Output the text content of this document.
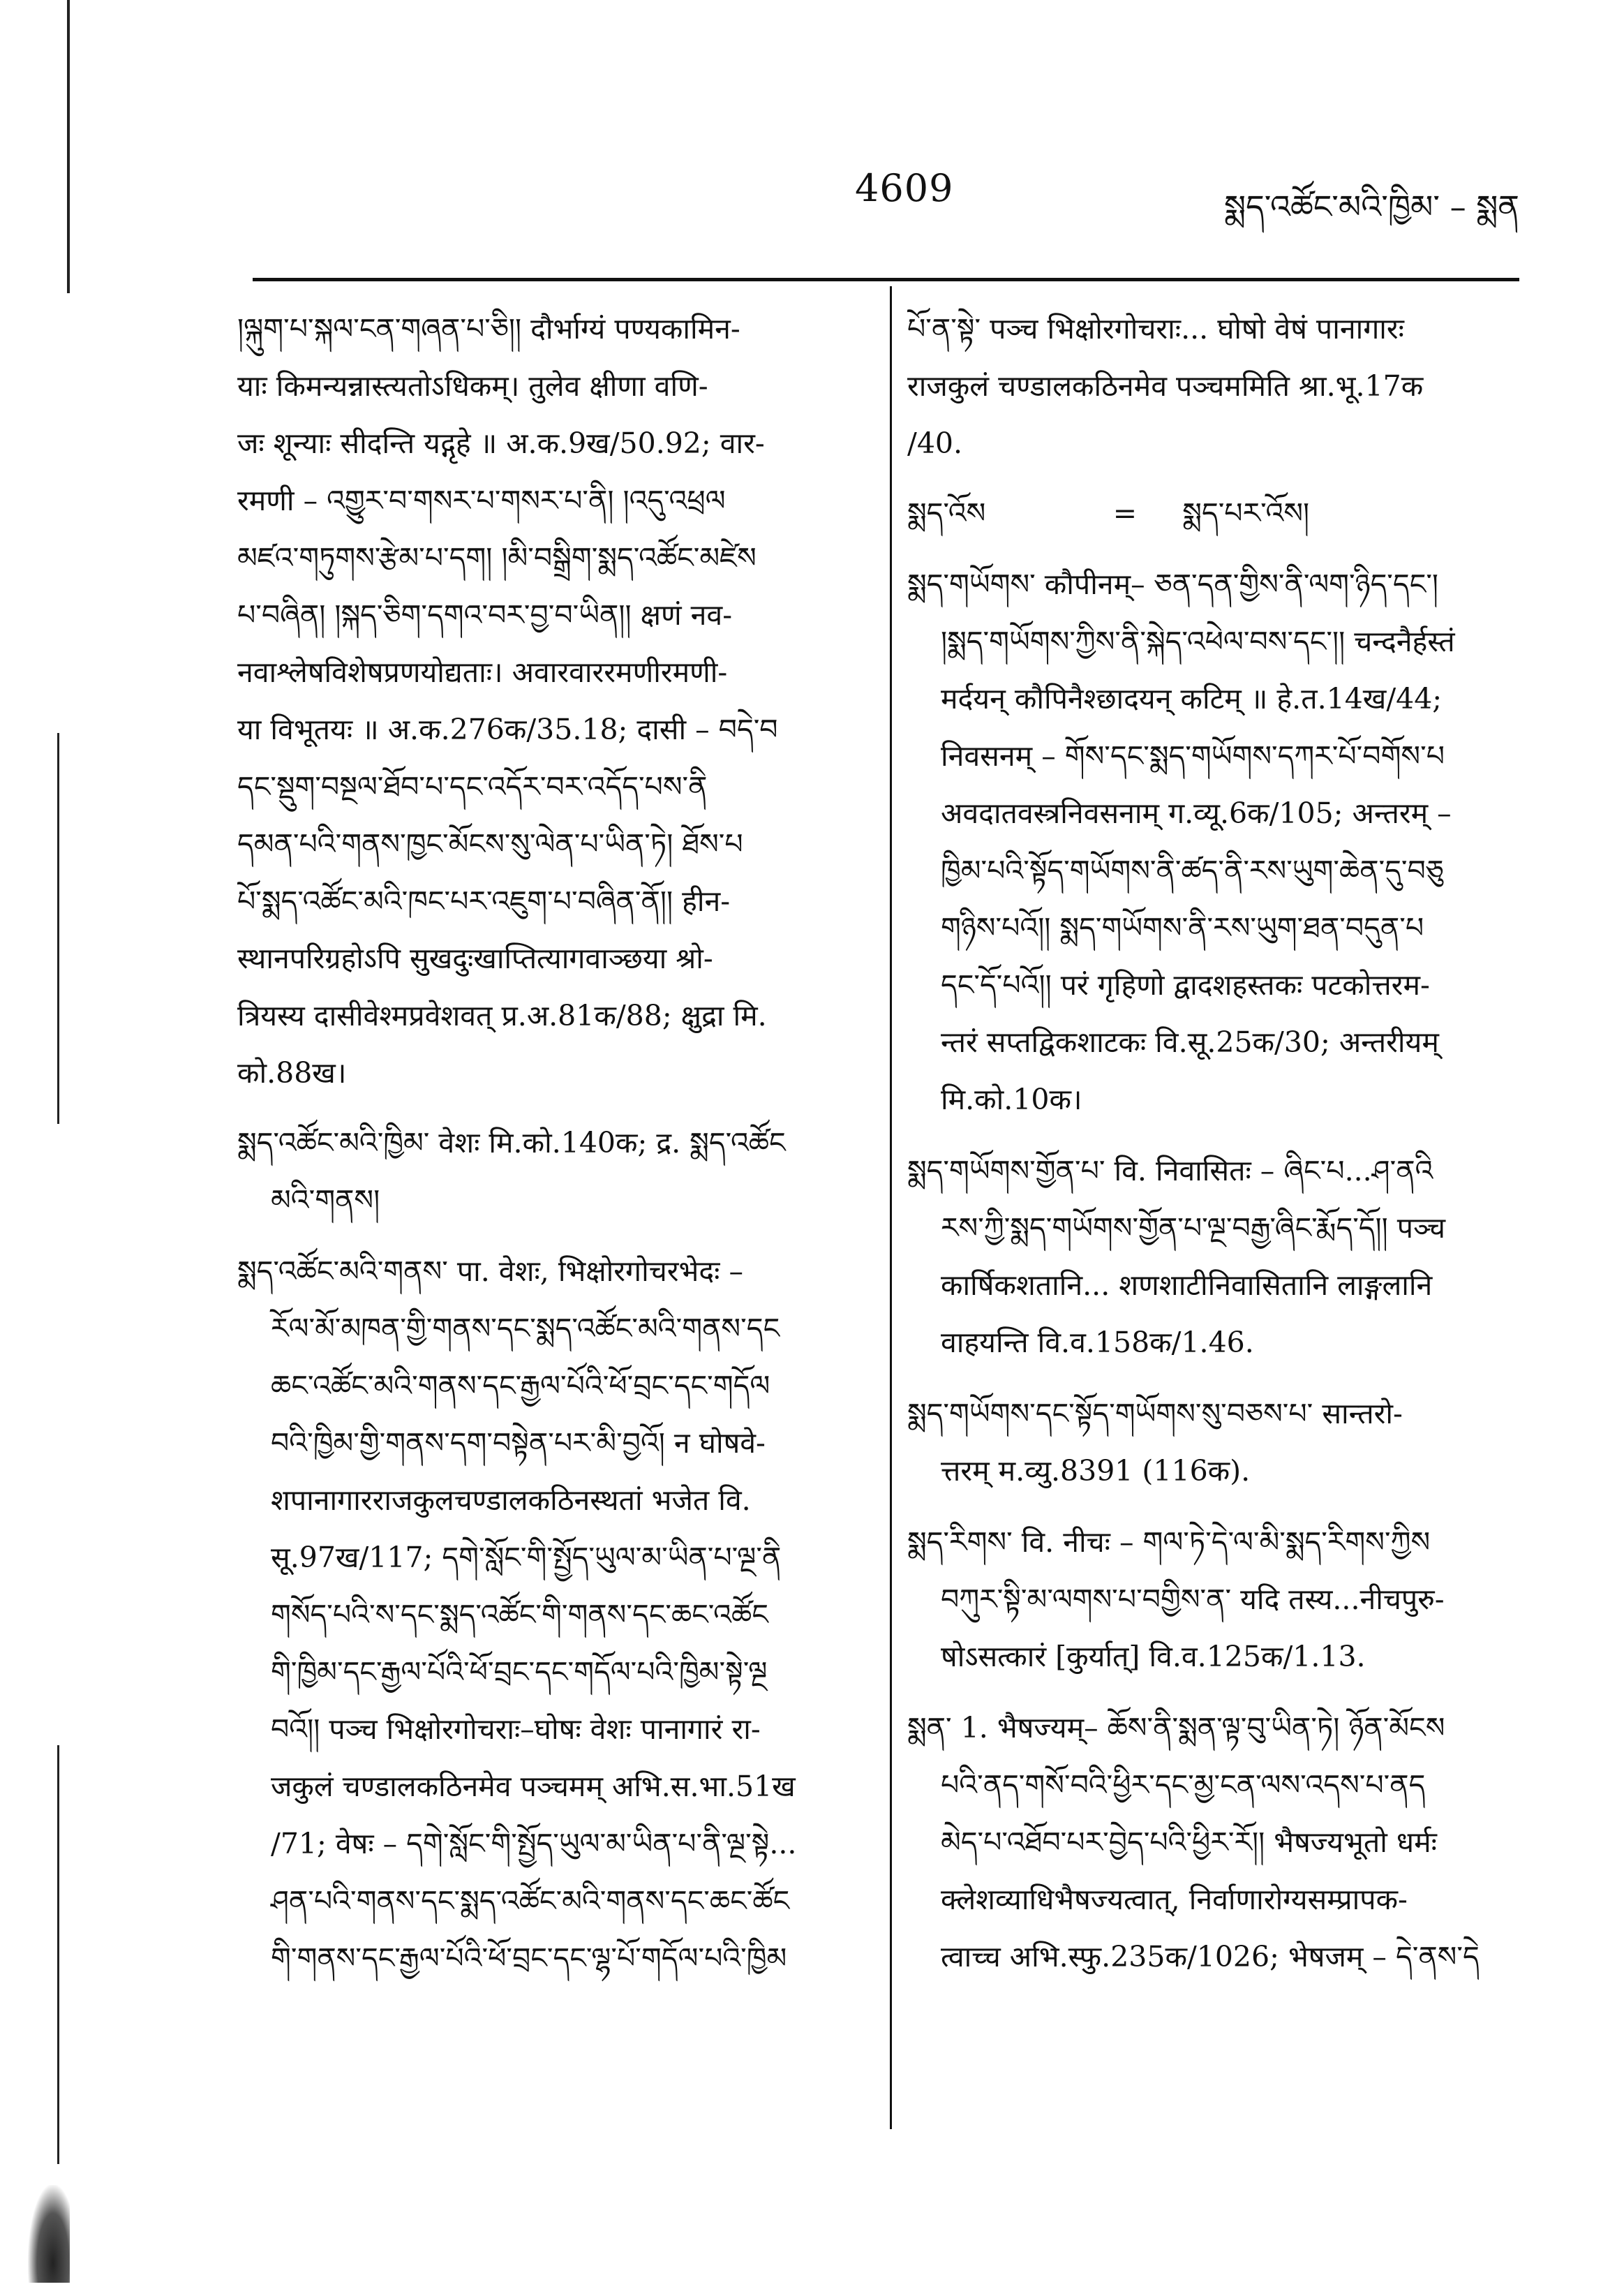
4609	སྨད་འཚོང་མའི་ཁྱིམ་ – སྨན
།ལྐུག་པ་སྐལ་ངན་གཞན་པ་ཅི།། दौर्भाग्यं पण्यकामिन-
याः किमन्यन्नास्त्यतोऽधिकम्। तुलेव क्षीणा वणि-
जः शून्याः सीदन्ति यद्गृहे ॥ अ.क.9ख/50.92; वार-
रमणी – འགྱུར་བ་གསར་པ་གསར་པ་ནི། །འདུ་འཕྲལ
མཛའ་གཏུགས་རྩེམ་པ་དག། །མི་བསྒྲིག་སྨད་འཚོང་མཛེས
པ་བཞིན། །སྐད་ཅིག་དགའ་བར་བྱ་བ་ཡིན།། क्षणं नव-
नवाश्लेषविशेषप्रणयोद्यताः। अवारवाररमणीरमणी-
या विभूतयः ॥ अ.क.276क/35.18; दासी – བདེ་བ
དང་སྡུག་བསྔལ་ཐོབ་པ་དང་འདོར་བར་འདོད་པས་ནི
དམན་པའི་གནས་ཁྱང་མོངས་སུ་ལེན་པ་ཡིན་ཏེ། ཐོས་པ
པོ་སྨད་འཚོང་མའི་ཁང་པར་འཇུག་པ་བཞིན་ནོ།། हीन-
स्थानपरिग्रहोऽपि सुखदुःखाप्तित्यागवाञ्छया श्रो-
त्रियस्य दासीवेश्मप्रवेशवत् प्र.अ.81क/88; क्षुद्रा मि.
को.88ख।
སྨད་འཚོང་མའི་ཁྱིམ་ वेशः मि.को.140क; द्र. སྨད་འཚོང
མའི་གནས།
སྨད་འཚོང་མའི་གནས་ पा. वेशः, भिक्षोरगोचरभेदः –
རོལ་མོ་མཁན་གྱི་གནས་དང་སྨད་འཚོང་མའི་གནས་དང
ཆང་འཚོང་མའི་གནས་དང་རྒྱལ་པོའི་ཕོ་བྲང་དང་གདོལ
བའི་ཁྱིམ་གྱི་གནས་དག་བསྟེན་པར་མི་བྱའོ། न घोषवे-
शपानागारराजकुलचण्डालकठिनस्थतां भजेत वि.
सू.97ख/117; དགེ་སློང་གི་སྤྱོད་ཡུལ་མ་ཡིན་པ་ལྔ་ནི
གསོད་པའི་ས་དང་སྨད་འཚོང་གི་གནས་དང་ཆང་འཚོང
གི་ཁྱིམ་དང་རྒྱལ་པོའི་ཕོ་བྲང་དང་གདོལ་པའི་ཁྱིམ་སྟེ་ལྔ
བའོ།། पञ्च भिक्षोरगोचराः–घोषः वेशः पानागारं रा-
जकुलं चण्डालकठिनमेव पञ्चमम् अभि.स.भा.51ख
/71; वेषः – དགེ་སློང་གི་སྤྱོད་ཡུལ་མ་ཡིན་པ་ནི་ལྔ་སྟེ...
ཤན་པའི་གནས་དང་སྨད་འཚོང་མའི་གནས་དང་ཆང་ཚོང
གི་གནས་དང་རྒྱལ་པོའི་ཕོ་བྲང་དང་ལྷ་པོ་གདོལ་པའི་ཁྱིམ
པོ་ན་སྟེ་ पञ्च भिक्षोरगोचराः... घोषो वेषं पानागारः
राजकुलं चण्डालकठिनमेव पञ्चममिति श्रा.भू.17क
/40.
སྨད་འོས              =     སྨད་པར་འོས།
སྨད་གཡོགས་ कौपीनम्– ཅན་དན་གྱིས་ནི་ལག་ཉིད་དང་།
།སྨད་གཡོགས་ཀྱིས་ནི་སྐེད་འཕེལ་བས་དང་།། चन्दनैर्हस्तं
मर्दयन् कौपिनैश्छादयन् कटिम् ॥ हे.त.14ख/44;
निवसनम् – གོས་དང་སྨད་གཡོགས་དཀར་པོ་བགོས་པ
अवदातवस्त्रनिवसनाम् ग.व्यू.6क/105; अन्तरम् –
ཁྱིམ་པའི་སྟོད་གཡོགས་ནི་ཚད་ནི་རས་ཡུག་ཆེན་དུ་བཅུ
གཉིས་པའོ།། སྨད་གཡོགས་ནི་རས་ཡུག་ཐན་བདུན་པ
དང་དོ་པའོ།། परं गृहिणो द्वादशहस्तकः पटकोत्तरम-
न्तरं सप्तद्विकशाटकः वि.सू.25क/30; अन्तरीयम्
मि.को.10क।
སྨད་གཡོགས་གྱོན་པ་ वि. निवासितः – ཞིང་པ...ཤ་ནའི
རས་ཀྱི་སྨད་གཡོགས་གྱོན་པ་ལྔ་བརྒྱ་ཞིང་རྨོད་དོ།། पञ्च
कार्षिकशतानि... शणशाटीनिवासितानि लाङ्गलानि
वाहयन्ति वि.व.158क/1.46.
སྨད་གཡོགས་དང་སྟོད་གཡོགས་སུ་བཅས་པ་ सान्तरो-
त्तरम् म.व्यु.8391 (116क).
སྨད་རིགས་ वि. नीचः – གལ་ཏེ་དེ་ལ་མི་སྨད་རིགས་ཀྱིས
བཀུར་སྟི་མ་ལགས་པ་བགྱིས་ན་ यदि तस्य...नीचपुरु-
षोऽसत्कारं [कुर्यात्] वि.व.125क/1.13.
སྨན་ 1. भैषज्यम्– ཆོས་ནི་སྨན་ལྟ་བུ་ཡིན་ཏེ། ཉོན་མོངས
པའི་ནད་གསོ་བའི་ཕྱིར་དང་མྱ་ངན་ལས་འདས་པ་ནད
མེད་པ་འཐོབ་པར་བྱེད་པའི་ཕྱིར་རོ།། भैषज्यभूतो धर्मः
क्लेशव्याधिभैषज्यत्वात्, निर्वाणारोग्यसम्प्रापक-
त्वाच्च अभि.स्फु.235क/1026; भेषजम् – དེ་ནས་དེ
